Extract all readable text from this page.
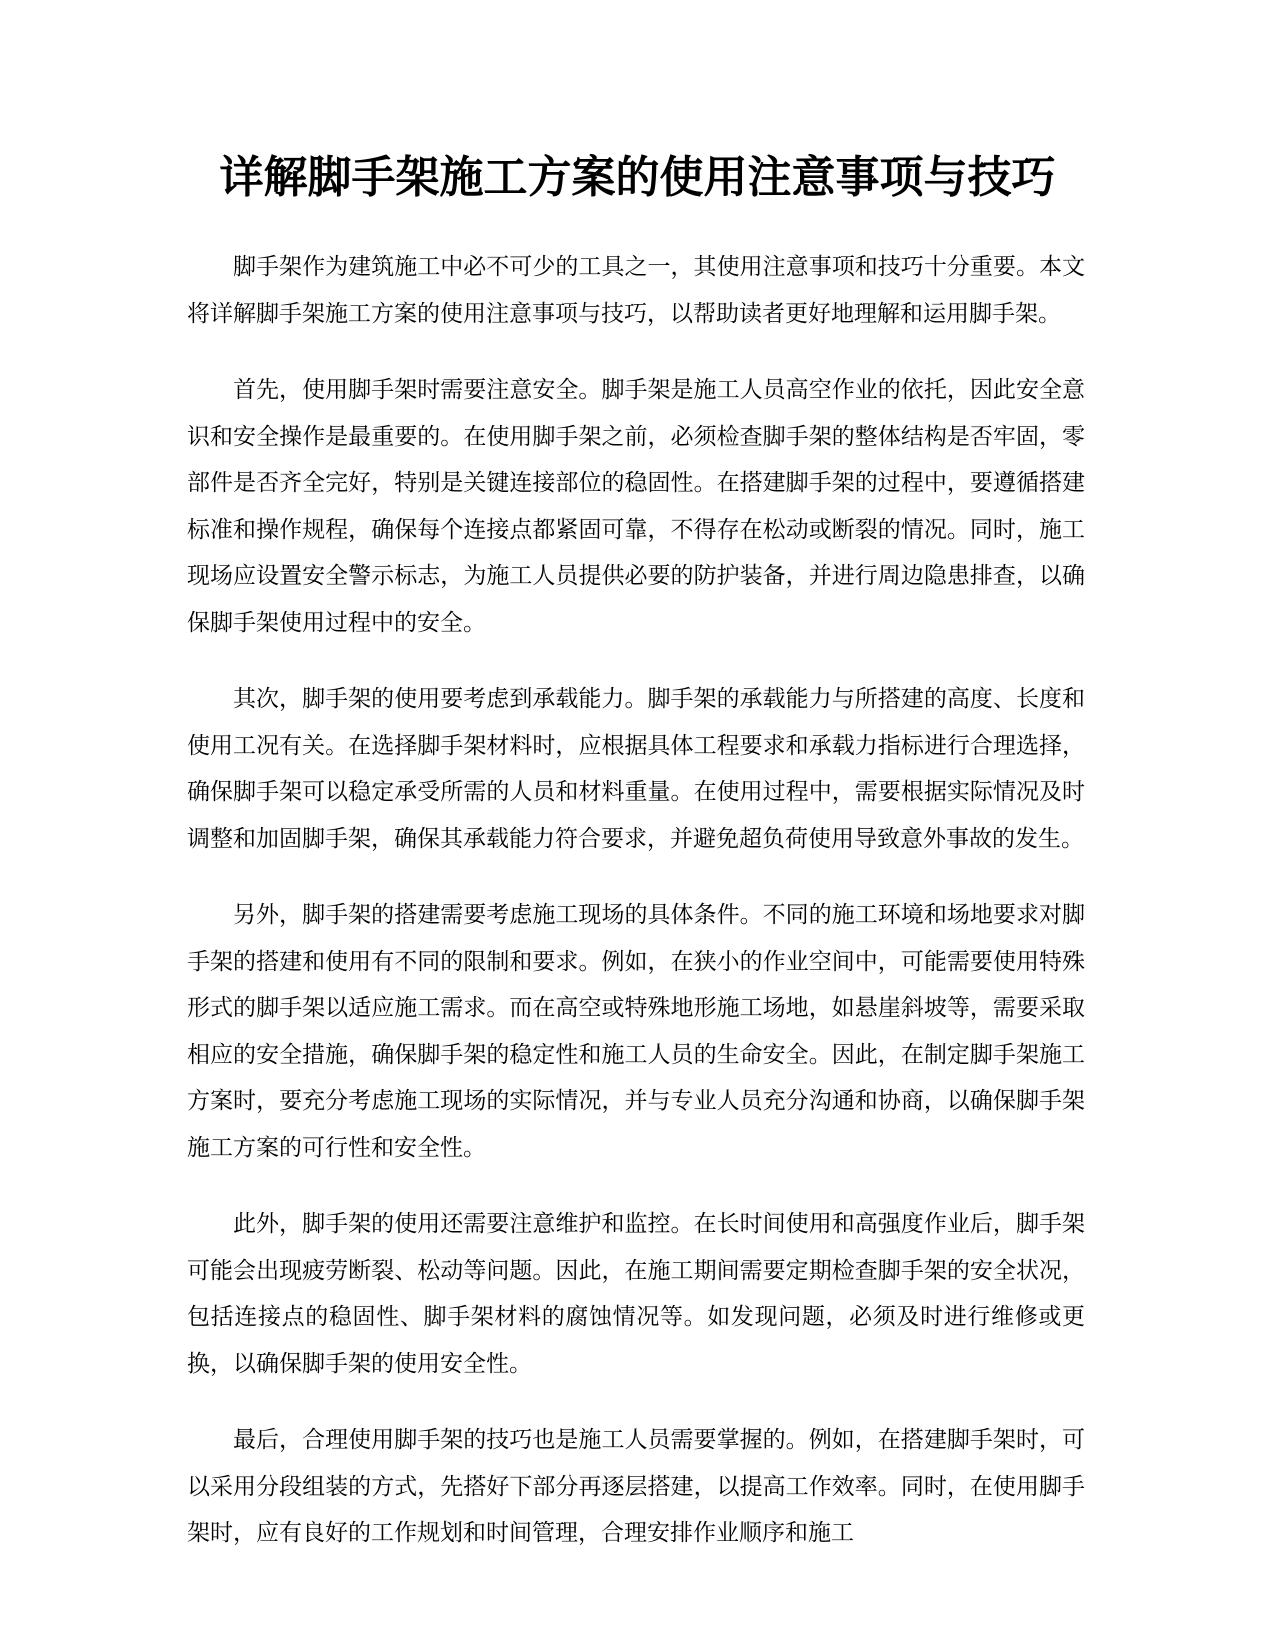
详解脚手架施工方案的使用注意事项与技巧

脚手架作为建筑施工中必不可少的工具之一，其使用注意事项和技巧十分重要。本文将详解脚手架施工方案的使用注意事项与技巧，以帮助读者更好地理解和运用脚手架。

首先，使用脚手架时需要注意安全。脚手架是施工人员高空作业的依托，因此安全意识和安全操作是最重要的。在使用脚手架之前，必须检查脚手架的整体结构是否牢固，零部件是否齐全完好，特别是关键连接部位的稳固性。在搭建脚手架的过程中，要遵循搭建标准和操作规程，确保每个连接点都紧固可靠，不得存在松动或断裂的情况。同时，施工现场应设置安全警示标志，为施工人员提供必要的防护装备，并进行周边隐患排查，以确保脚手架使用过程中的安全。

其次，脚手架的使用要考虑到承载能力。脚手架的承载能力与所搭建的高度、长度和使用工况有关。在选择脚手架材料时，应根据具体工程要求和承载力指标进行合理选择，确保脚手架可以稳定承受所需的人员和材料重量。在使用过程中，需要根据实际情况及时调整和加固脚手架，确保其承载能力符合要求，并避免超负荷使用导致意外事故的发生。

另外，脚手架的搭建需要考虑施工现场的具体条件。不同的施工环境和场地要求对脚手架的搭建和使用有不同的限制和要求。例如，在狭小的作业空间中，可能需要使用特殊形式的脚手架以适应施工需求。而在高空或特殊地形施工场地，如悬崖斜坡等，需要采取相应的安全措施，确保脚手架的稳定性和施工人员的生命安全。因此，在制定脚手架施工方案时，要充分考虑施工现场的实际情况，并与专业人员充分沟通和协商，以确保脚手架施工方案的可行性和安全性。

此外，脚手架的使用还需要注意维护和监控。在长时间使用和高强度作业后，脚手架可能会出现疲劳断裂、松动等问题。因此，在施工期间需要定期检查脚手架的安全状况，包括连接点的稳固性、脚手架材料的腐蚀情况等。如发现问题，必须及时进行维修或更换，以确保脚手架的使用安全性。

最后，合理使用脚手架的技巧也是施工人员需要掌握的。例如，在搭建脚手架时，可以采用分段组装的方式，先搭好下部分再逐层搭建，以提高工作效率。同时，在使用脚手架时，应有良好的工作规划和时间管理，合理安排作业顺序和施工
